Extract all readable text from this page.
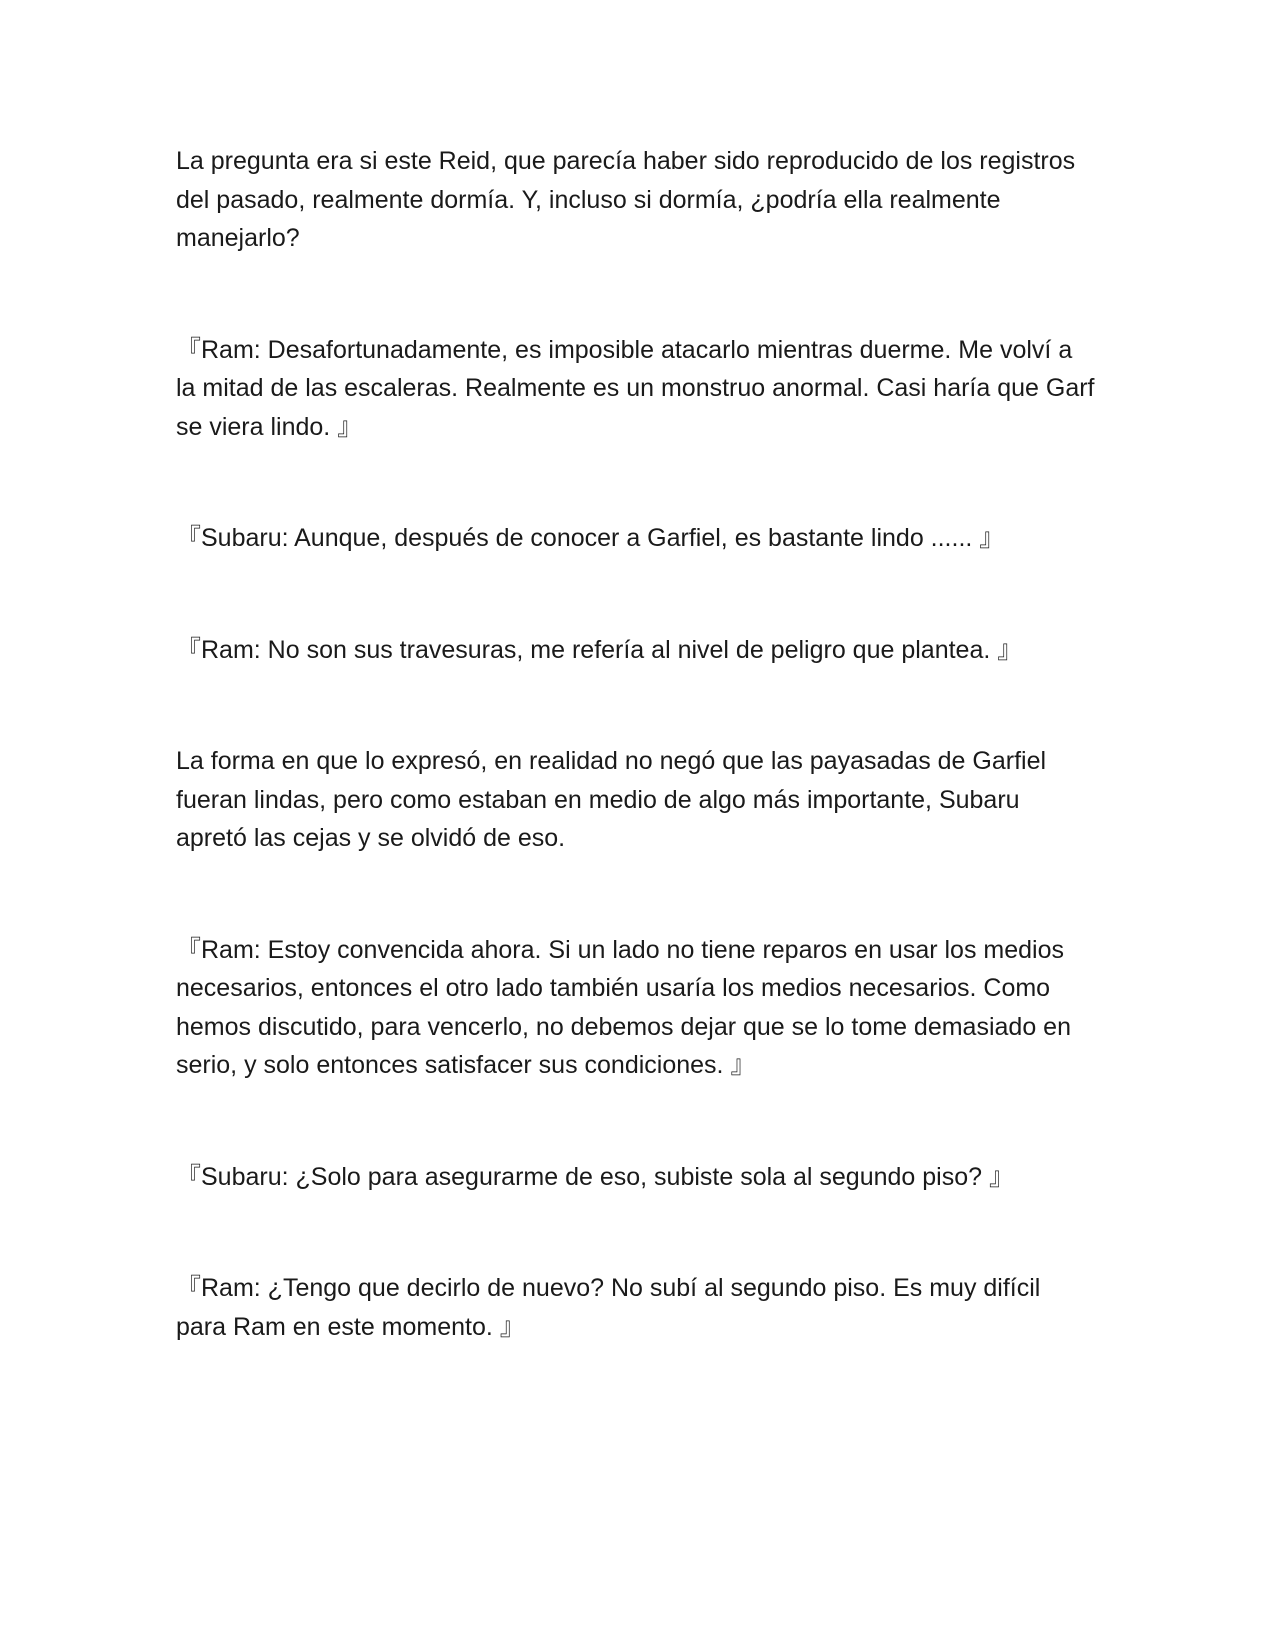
La pregunta era si este Reid, que parecía haber sido reproducido de los registros del pasado, realmente dormía. Y, incluso si dormía, ¿podría ella realmente manejarlo?

『Ram: Desafortunadamente, es imposible atacarlo mientras duerme. Me volví a la mitad de las escaleras. Realmente es un monstruo anormal. Casi haría que Garf se viera lindo. 』

『Subaru: Aunque, después de conocer a Garfiel, es bastante lindo ...... 』

『Ram: No son sus travesuras, me refería al nivel de peligro que plantea. 』

La forma en que lo expresó, en realidad no negó que las payasadas de Garfiel fueran lindas, pero como estaban en medio de algo más importante, Subaru apretó las cejas y se olvidó de eso.

『Ram: Estoy convencida ahora. Si un lado no tiene reparos en usar los medios necesarios, entonces el otro lado también usaría los medios necesarios. Como hemos discutido, para vencerlo, no debemos dejar que se lo tome demasiado en serio, y solo entonces satisfacer sus condiciones. 』

『Subaru: ¿Solo para asegurarme de eso, subiste sola al segundo piso? 』

『Ram: ¿Tengo que decirlo de nuevo? No subí al segundo piso. Es muy difícil para Ram en este momento. 』
